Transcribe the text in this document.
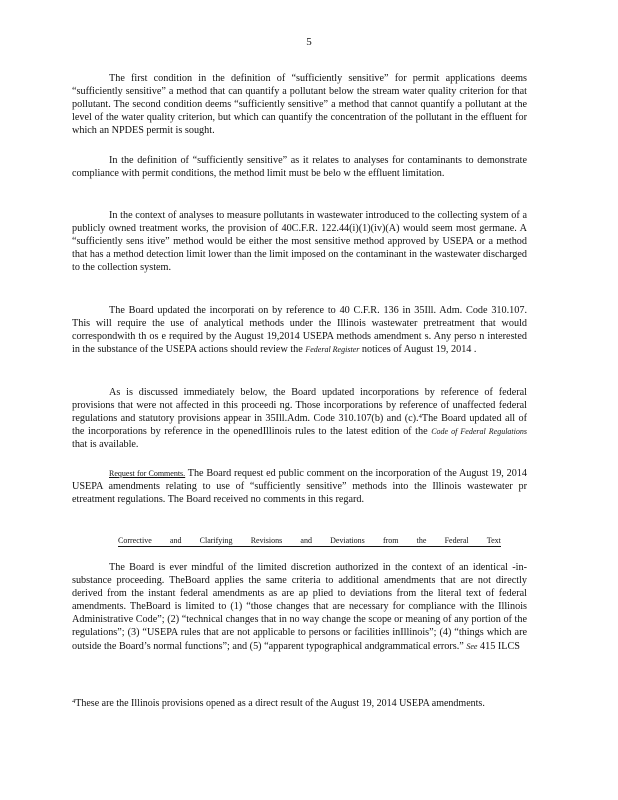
5

The first condition in the definition of “sufficiently sensitive” for permit applications deems “sufficiently sensitive” a method that can quantify a pollutant below the stream water quality criterion for that pollutant. The second condition deems “sufficiently sensitive” a method that cannot quantify a pollutant at the level of the water quality criterion, but which can quantify the concentration of the pollutant in the effluent for which an NPDES permit is sought.

In the definition of “sufficiently sensitive” as it relates to analyses for contaminants to demonstrate compliance with permit conditions, the method limit must be belo w the effluent limitation.

In the context of analyses to measure pollutants in wastewater introduced to the collecting system of a publicly owned treatment works, the provision of 40C.F.R. 122.44(i)(1)(iv)(A) would seem most germane. A “sufficiently sens itive” method would be either the most sensitive method approved by USEPA or a method that has a method detection limit lower than the limit imposed on the contaminant in the wastewater discharged to the collection system.

The Board updated the incorporati on by reference to 40 C.F.R. 136 in 35Ill. Adm. Code 310.107. This will require the use of analytical methods under the Illinois wastewater pretreatment that would correspondwith th os e required by the August 19,2014 USEPA methods amendment s. Any perso n interested in the substance of the USEPA actions should review the Federal Register notices of August 19, 2014 .

As is discussed immediately below, the Board updated incorporations by reference of federal provisions that were not affected in this proceedi ng. Those incorporations by reference of unaffected federal regulations and statutory provisions appear in 35Ill.Adm. Code 310.107(b) and (c).$^4$The Board updated all of the incorporations by reference in the openedIllinois rules to the latest edition of the Code of Federal Regulations that is available.

Request for Comments. The Board request ed public comment on the incorporation of the August 19, 2014 USEPA amendments relating to use of “sufficiently sensitive” methods into the Illinois wastewater pr etreatment regulations. The Board received no comments in this regard.

Corrective and Clarifying Revisions and Deviations from the Federal Text

The Board is ever mindful of the limited discretion authorized in the context of an identical -in- substance proceeding. TheBoard applies the same criteria to additional amendments that are not directly derived from the instant federal amendments as are ap plied to deviations from the literal text of federal amendments. TheBoard is limited to (1) “those changes that are necessary for compliance with the Illinois Administrative Code”; (2) “technical changes that in no way change the scope or meaning of any portion of the regulations”; (3) “USEPA rules that are not applicable to persons or facilities inIllinois”; (4) “things which are outside the Board’s normal functions”; and (5) “apparent typographical andgrammatical errors.” See 415 ILCS

$^4$These are the Illinois provisions opened as a direct result of the August 19, 2014 USEPA amendments.
